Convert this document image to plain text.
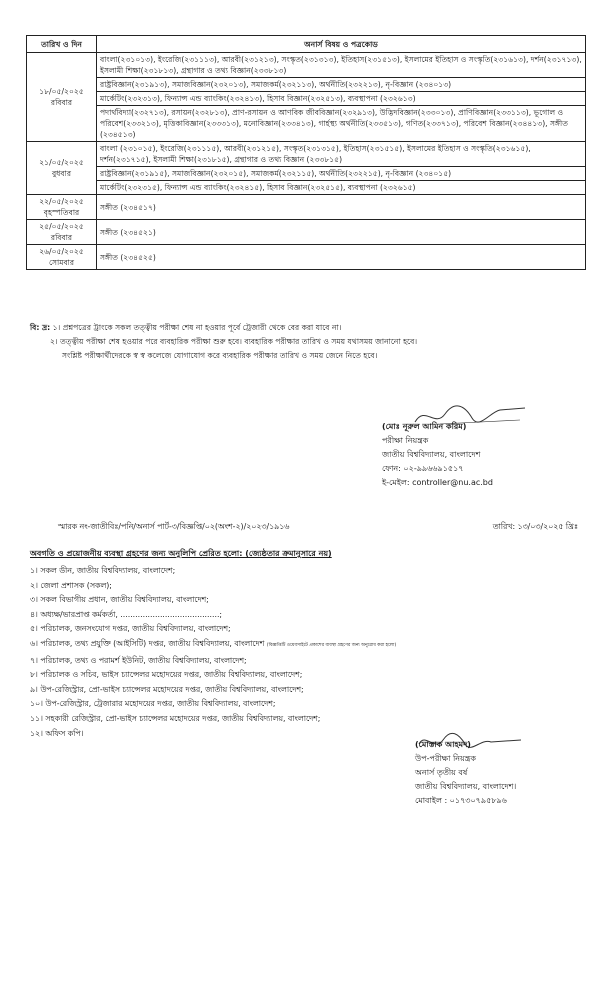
তারিখ ও দিন	অনার্স বিষয় ও পত্রকোড

১৮/০৫/২০২৫
রবিবার	বাংলা(২৩১০১৩), ইংরেজি(২৩১১১৩), আরবী(২৩১২১৩), সংস্কৃত(২৩১৩১৩), ইতিহাস(২৩১৫১৩), ইসলামের ইতিহাস ও সংস্কৃতি(২৩১৬১৩), দর্শন(২৩১৭১৩), ইসলামী শিক্ষা(২৩১৮১৩), গ্রন্থাগার ও তথ্য বিজ্ঞান(২৩৩৮১৩)
	রাষ্ট্রবিজ্ঞান(২৩১৯১৩), সমাজবিজ্ঞান(২৩২০১৩), সমাজকর্ম(২৩২১১৩), অর্থনীতি(২৩২২১৩), নৃ-বিজ্ঞান (২৩৪০১৩)
	মার্কেটিং(২৩২৩১৩), ফিন্যান্স এন্ড ব্যাংকিং(২৩২৪১৩), হিসাব বিজ্ঞান(২৩২৫১৩), ব্যবস্থাপনা (২৩২৬১৩)
	পদার্থবিদ্যা(২৩২৭১৩), রসায়ন(২৩২৮১৩), প্রাণ-রসায়ন ও আণবিক জীববিজ্ঞান(২৩২৯১৩), উদ্ভিদবিজ্ঞান(২৩৩০১৩), প্রাণিবিজ্ঞান(২৩৩১১৩), ভূগোল ও পরিবেশ(২৩৩২১৩), মৃত্তিকাবিজ্ঞান(২৩৩৩১৩), মনোবিজ্ঞান(২৩৩৪১৩), গার্হস্থ্য অর্থনীতি(২৩৩৫১৩), গণিত(২৩৩৭১৩), পরিবেশ বিজ্ঞান(২৩৪৪১৩), সঙ্গীত (২৩৪৫১৩)

২১/০৫/২০২৫
বুধবার	বাংলা (২৩১০১৫), ইংরেজি(২৩১১১৫), আরবী(২৩১২১৫), সংস্কৃত(২৩১৩১৫), ইতিহাস(২৩১৫১৫), ইসলামের ইতিহাস ও সংস্কৃতি(২৩১৬১৫), দর্শন(২৩১৭১৫), ইসলামী শিক্ষা(২৩১৮১৫), গ্রন্থাগার ও তথ্য বিজ্ঞান (২৩৩৮১৫)
	রাষ্ট্রবিজ্ঞান(২৩১৯১৫), সমাজবিজ্ঞান(২৩২০১৫), সমাজকর্ম(২৩২১১৫), অর্থনীতি(২৩২২১৫), নৃ-বিজ্ঞান (২৩৪০১৫)
	মার্কেটিং(২৩২৩১৫), ফিন্যান্স এন্ড ব্যাংকিং(২৩২৪১৫), হিসাব বিজ্ঞান(২৩২৫১৫), ব্যবস্থাপনা (২৩২৬১৫)

২২/০৫/২০২৫
বৃহস্পতিবার	সঙ্গীত (২৩৪৫১৭)

২৫/০৫/২০২৫
রবিবার	সঙ্গীত (২৩৪৫২১)

২৬/০৫/২০২৫
সোমবার	সঙ্গীত (২৩৪৫২৫)
বি: দ্র: ১। প্রশ্নপত্রের ট্রাংকে সকল তত্ত্বীয় পরীক্ষা শেষ না হওয়ার পূর্বে ট্রেজারী থেকে বের করা যাবে না।
২। তত্ত্বীয় পরীক্ষা শেষ হওয়ার পরে ব্যবহারিক পরীক্ষা শুরু হবে। ব্যবহারিক পরীক্ষার তারিখ ও সময় যথাসময় জানানো হবে।
সংশ্লিষ্ট পরীক্ষার্থীদেরকে স্ব স্ব কলেজে যোগাযোগ করে ব্যবহারিক পরীক্ষার তারিখ ও সময় জেনে নিতে হবে।
(মোঃ নূরুল আমিন করিম)
পরীক্ষা নিয়ন্ত্রক
জাতীয় বিশ্ববিদ্যালয়, বাংলাদেশ
ফোন: ০২-৯৯৬৬৯১৫১৭
ই-মেইল: controller@nu.ac.bd
স্মারক নং-জাতীবিঃ/পনি/অনার্স পার্ট-৩/বিজ্ঞপ্তি/০২(অংশ-২)/২০২৩/১৯১৬	তারিখ: ১৩/০৩/২০২৫ খ্রিঃ
অবগতি ও প্রয়োজনীয় ব্যবস্থা গ্রহণের জন্য অনুলিপি প্রেরিত হলো: (জ্যেষ্ঠতার ক্রমানুসারে নয়)
১। সকল ডীন, জাতীয় বিশ্ববিদ্যালয়, বাংলাদেশ;
২। জেলা প্রশাসক (সকল);
৩। সকল বিভাগীয় প্রধান, জাতীয় বিশ্ববিদ্যালয়, বাংলাদেশ;
৪। অধ্যক্ষ/ভারপ্রাপ্ত কর্মকর্তা, ........................................;
৫। পরিচালক, জনসংযোগ দপ্তর, জাতীয় বিশ্ববিদ্যালয়, বাংলাদেশ;
৬। পরিচালক, তথ্য প্রযুক্তি (আইসিটি) দপ্তর, জাতীয় বিশ্ববিদ্যালয়, বাংলাদেশ (বিজ্ঞপ্তিটি ওয়েবসাইটে প্রকাশের ব্যবস্থা গ্রহণের জন্য অনুরোধ করা হলো)
৭। পরিচালক, তথ্য ও পরামর্শ ইউনিট, জাতীয় বিশ্ববিদ্যালয়, বাংলাদেশ;
৮। পরিচালক ও সচিব, ভাইস চ্যান্সেলর মহোদয়ের দপ্তর, জাতীয় বিশ্ববিদ্যালয়, বাংলাদেশ;
৯। উপ-রেজিস্ট্রার, প্রো-ভাইস চ্যান্সেলর মহোদয়ের দপ্তর, জাতীয় বিশ্ববিদ্যালয়, বাংলাদেশ;
১০। উপ-রেজিস্ট্রার, ট্রেজারার মহোদয়ের দপ্তর, জাতীয় বিশ্ববিদ্যালয়, বাংলাদেশ;
১১। সহকারী রেজিস্ট্রার, প্রো-ভাইস চ্যান্সেলর মহোদয়ের দপ্তর, জাতীয় বিশ্ববিদ্যালয়, বাংলাদেশ;
১২। অফিস কপি।
(মোস্তাক আহমদ)
উপ-পরীক্ষা নিয়ন্ত্রক
অনার্স তৃতীয় বর্ষ
জাতীয় বিশ্ববিদ্যালয়, বাংলাদেশ।
মোবাইল : ০১৭৩০৭৯৫৮৯৬
